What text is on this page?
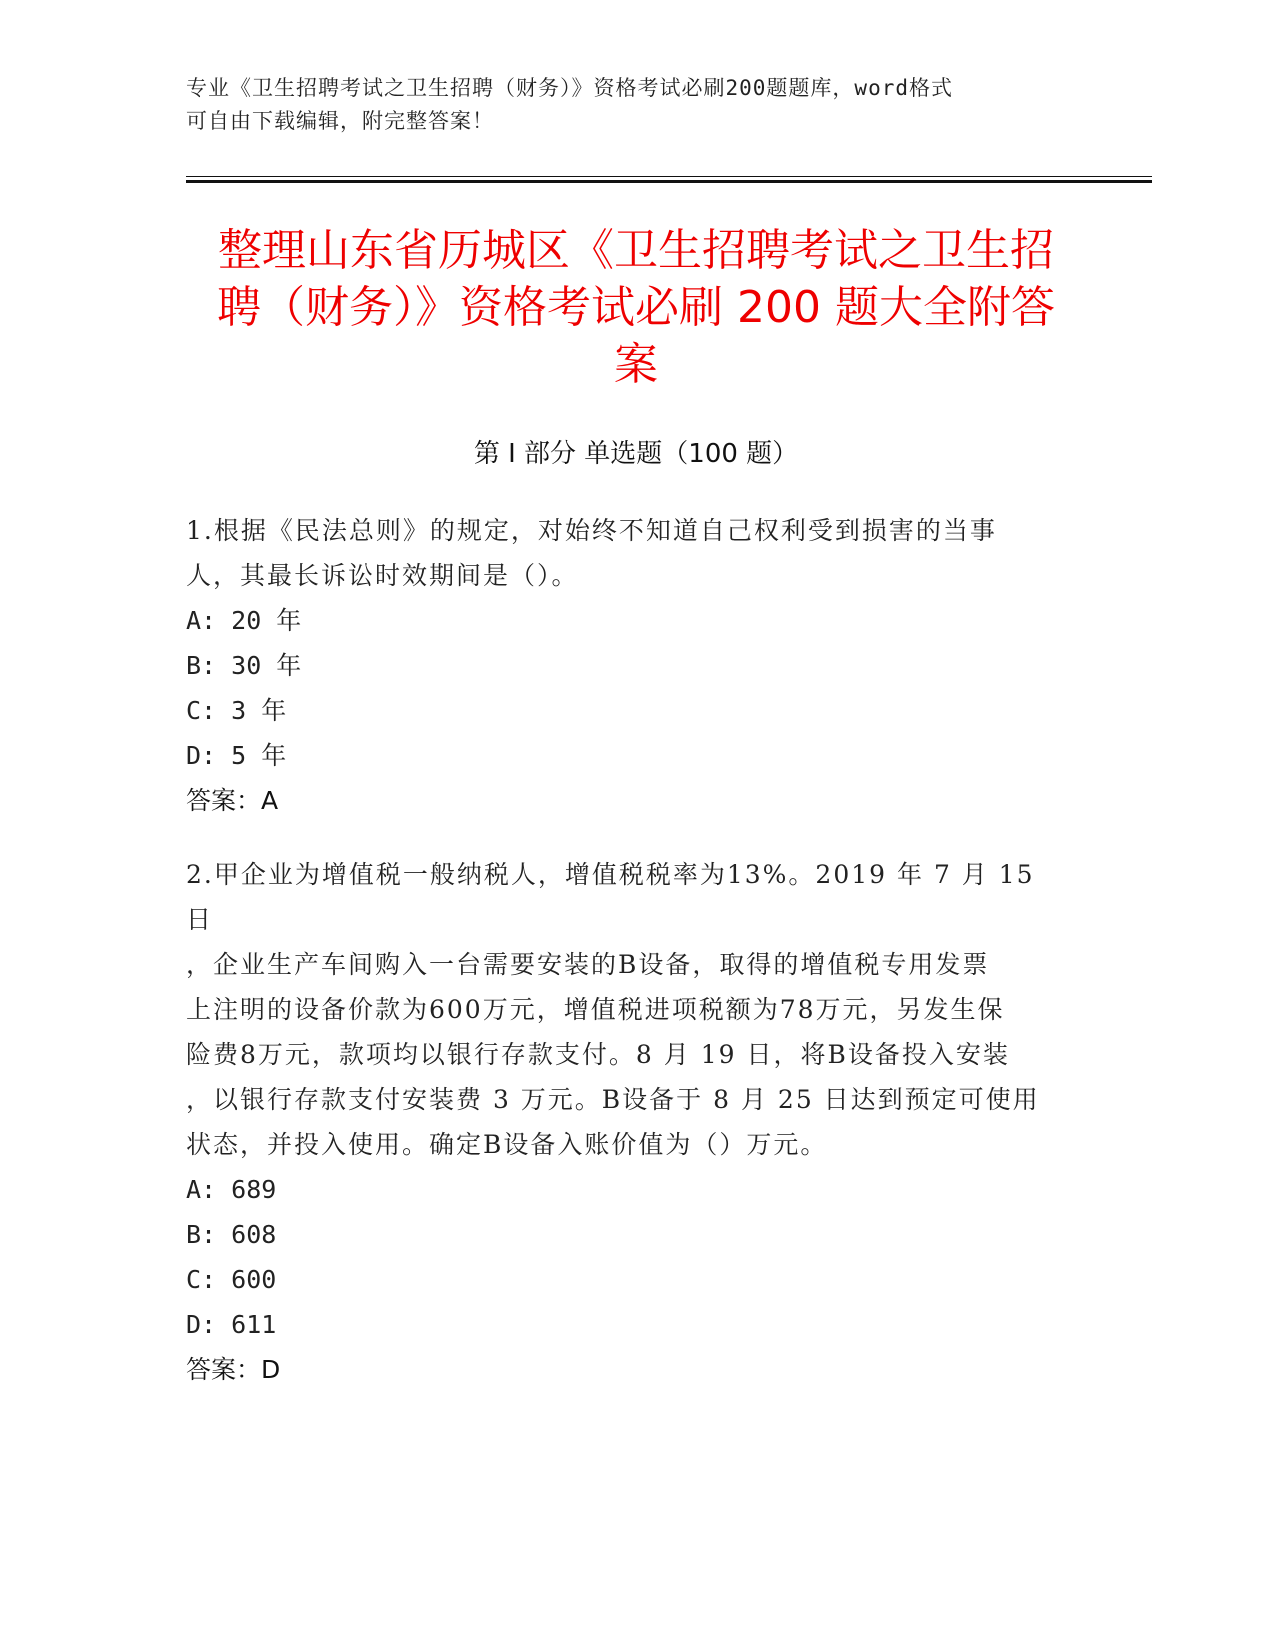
专业《卫生招聘考试之卫生招聘（财务）》资格考试必刷200题题库，word格式
可自由下载编辑，附完整答案！
整理山东省历城区《卫生招聘考试之卫生招
聘（财务）》资格考试必刷 200 题大全附答
案
第 I 部分 单选题（100 题）

1.根据《民法总则》的规定，对始终不知道自己权利受到损害的当事

人，其最长诉讼时效期间是（）。

A: 20 年

B: 30 年

C: 3 年

D: 5 年

答案：A

2.甲企业为增值税一般纳税人，增值税税率为13%。2019 年 7 月 15 日

，企业生产车间购入一台需要安装的B设备，取得的增值税专用发票

上注明的设备价款为600万元，增值税进项税额为78万元，另发生保

险费8万元，款项均以银行存款支付。8 月 19 日，将B设备投入安装

，以银行存款支付安装费 3 万元。B设备于 8 月 25 日达到预定可使用

状态，并投入使用。确定B设备入账价值为（）万元。

A: 689

B: 608

C: 600

D: 611

答案：D
